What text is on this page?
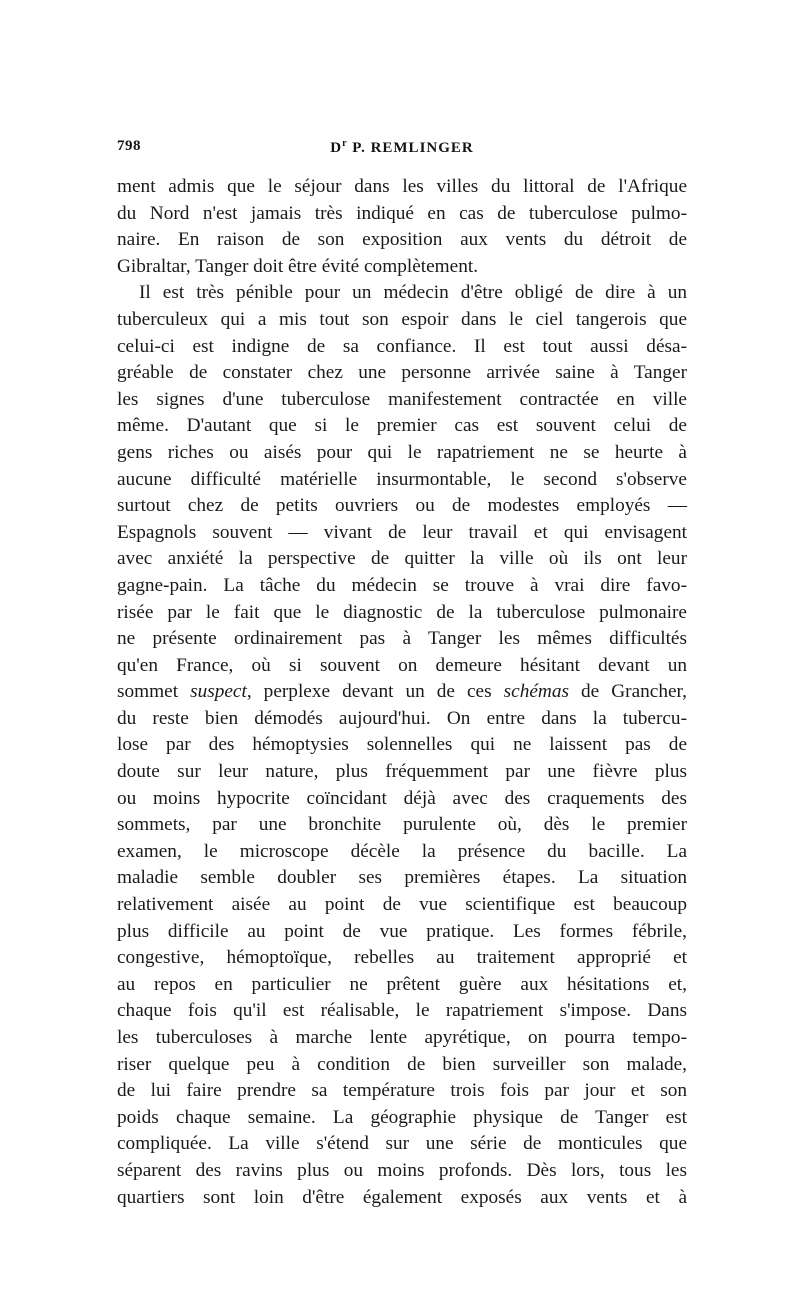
798	$D^r$ P. REMLINGER
ment admis que le séjour dans les villes du littoral de l'Afrique
du Nord n'est jamais très indiqué en cas de tuberculose pulmo-
naire. En raison de son exposition aux vents du détroit de
Gibraltar, Tanger doit être évité complètement.
Il est très pénible pour un médecin d'être obligé de dire à un
tuberculeux qui a mis tout son espoir dans le ciel tangerois que
celui-ci est indigne de sa confiance. Il est tout aussi désa-
gréable de constater chez une personne arrivée saine à Tanger
les signes d'une tuberculose manifestement contractée en ville
même. D'autant que si le premier cas est souvent celui de
gens riches ou aisés pour qui le rapatriement ne se heurte à
aucune difficulté matérielle insurmontable, le second s'observe
surtout chez de petits ouvriers ou de modestes employés —
Espagnols souvent — vivant de leur travail et qui envisagent
avec anxiété la perspective de quitter la ville où ils ont leur
gagne-pain. La tâche du médecin se trouve à vrai dire favo-
risée par le fait que le diagnostic de la tuberculose pulmonaire
ne présente ordinairement pas à Tanger les mêmes difficultés
qu'en France, où si souvent on demeure hésitant devant un
sommet suspect, perplexe devant un de ces schémas de Grancher,
du reste bien démodés aujourd'hui. On entre dans la tubercu-
lose par des hémoptysies solennelles qui ne laissent pas de
doute sur leur nature, plus fréquemment par une fièvre plus
ou moins hypocrite coïncidant déjà avec des craquements des
sommets, par une bronchite purulente où, dès le premier
examen, le microscope décèle la présence du bacille. La
maladie semble doubler ses premières étapes. La situation
relativement aisée au point de vue scientifique est beaucoup
plus difficile au point de vue pratique. Les formes fébrile,
congestive, hémoptoïque, rebelles au traitement approprié et
au repos en particulier ne prêtent guère aux hésitations et,
chaque fois qu'il est réalisable, le rapatriement s'impose. Dans
les tuberculoses à marche lente apyrétique, on pourra tempo-
riser quelque peu à condition de bien surveiller son malade,
de lui faire prendre sa température trois fois par jour et son
poids chaque semaine. La géographie physique de Tanger est
compliquée. La ville s'étend sur une série de monticules que
séparent des ravins plus ou moins profonds. Dès lors, tous les
quartiers sont loin d'être également exposés aux vents et à
